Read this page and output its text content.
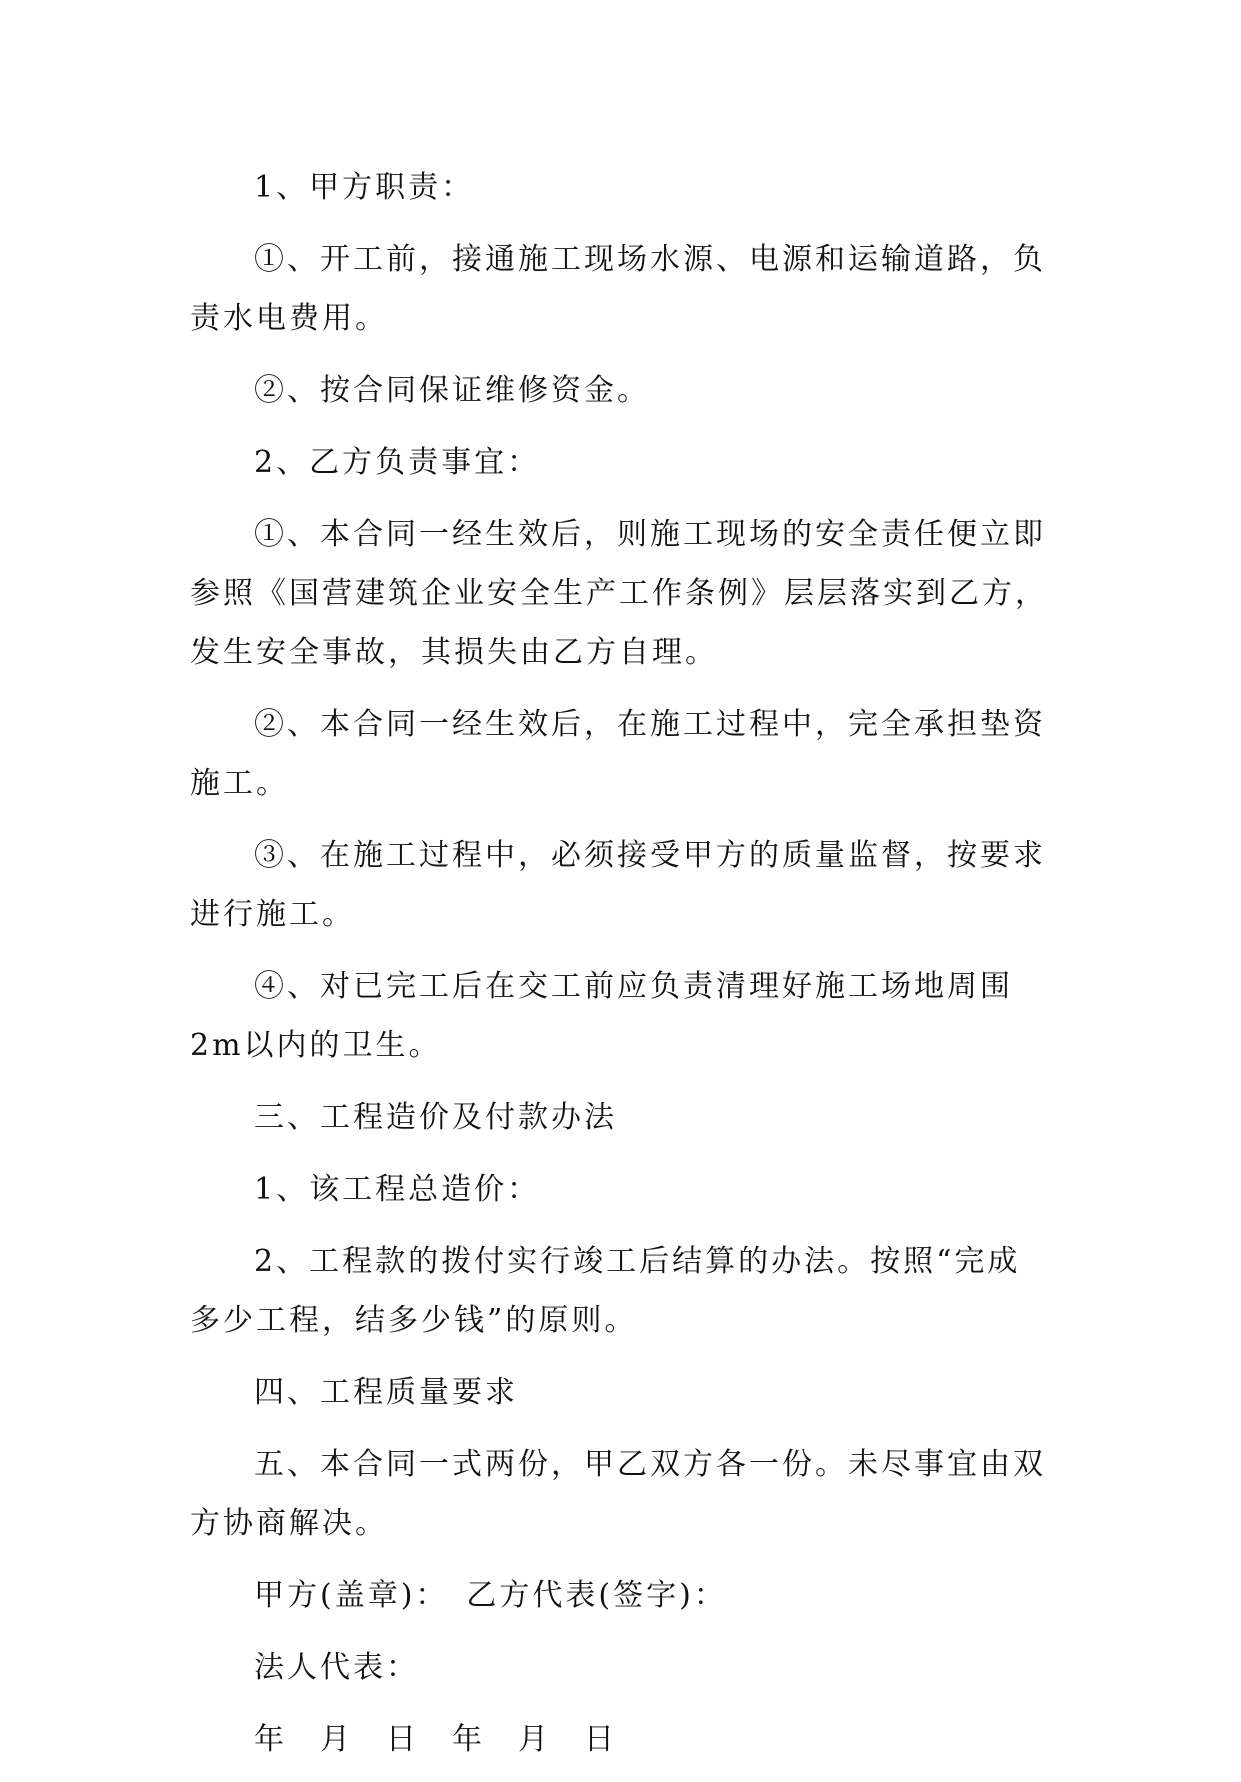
1、甲方职责：

①、开工前，接通施工现场水源、电源和运输道路，负责水电费用。

②、按合同保证维修资金。

2、乙方负责事宜：

①、本合同一经生效后，则施工现场的安全责任便立即参照《国营建筑企业安全生产工作条例》层层落实到乙方，发生安全事故，其损失由乙方自理。

②、本合同一经生效后，在施工过程中，完全承担垫资施工。

③、在施工过程中，必须接受甲方的质量监督，按要求进行施工。

④、对已完工后在交工前应负责清理好施工场地周围2m以内的卫生。

三、工程造价及付款办法

1、该工程总造价：

2、工程款的拨付实行竣工后结算的办法。按照“完成多少工程，结多少钱”的原则。

四、工程质量要求

五、本合同一式两份，甲乙双方各一份。未尽事宜由双方协商解决。

甲方(盖章)：　乙方代表(签字)：

法人代表：

年　月　日　年　月　日
